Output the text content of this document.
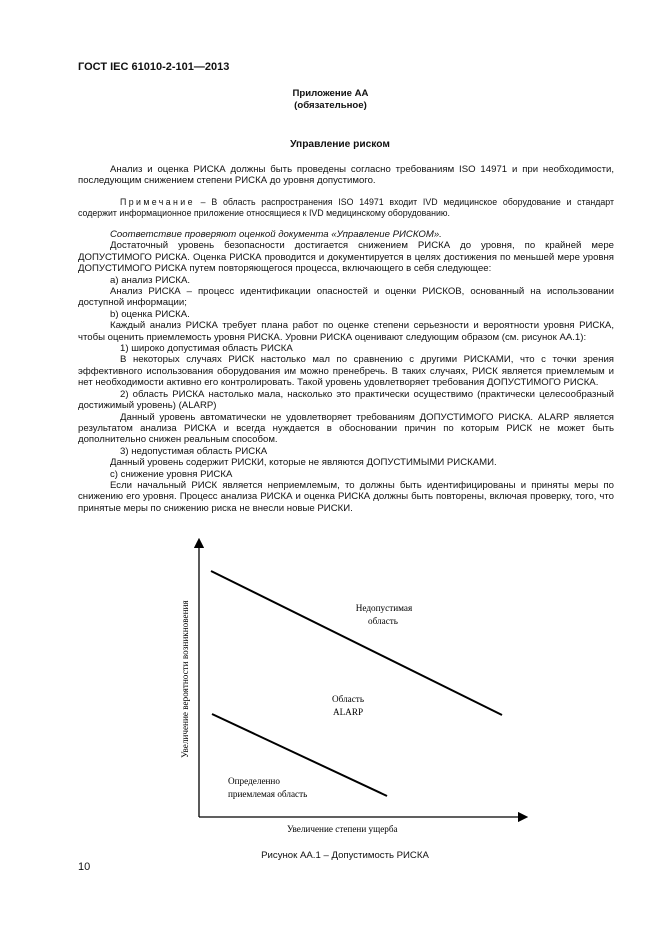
ГОСТ IEC 61010-2-101—2013
Приложение АА
(обязательное)
Управление риском

Анализ и оценка РИСКА должны быть проведены согласно требованиям ISO 14971 и при необходимости, последующим снижением степени РИСКА до уровня допустимого.

Примечание – В область распространения ISO 14971 входит IVD медицинское оборудование и стандарт содержит информационное приложение относящиеся к IVD медицинскому оборудованию.

Соответствие проверяют оценкой документа «Управление РИСКОМ».

Достаточный уровень безопасности достигается снижением РИСКА до уровня, по крайней мере ДОПУСТИМОГО РИСКА. Оценка РИСКА проводится и документируется в целях достижения по меньшей мере уровня ДОПУСТИМОГО РИСКА путем повторяющегося процесса, включающего в себя следующее:

a) анализ РИСКА.

Анализ РИСКА – процесс идентификации опасностей и оценки РИСКОВ, основанный на использовании доступной информации;

b) оценка РИСКА.

Каждый анализ РИСКА требует плана работ по оценке степени серьезности и вероятности уровня РИСКА, чтобы оценить приемлемость уровня РИСКА. Уровни РИСКА оценивают следующим образом (см. рисунок АА.1):

1) широко допустимая область РИСКА

В некоторых случаях РИСК настолько мал по сравнению с другими РИСКАМИ, что с точки зрения эффективного использования оборудования им можно пренебречь. В таких случаях, РИСК является приемлемым и нет необходимости активно его контролировать. Такой уровень удовлетворяет требования ДОПУСТИМОГО РИСКА.

2) область РИСКА настолько мала, насколько это практически осуществимо (практически целесообразный достижимый уровень) (ALARP)

Данный уровень автоматически не удовлетворяет требованиям ДОПУСТИМОГО РИСКА. ALARP является результатом анализа РИСКА и всегда нуждается в обосновании причин по которым РИСК не может быть дополнительно снижен реальным способом.

3) недопустимая область РИСКА

Данный уровень содержит РИСКИ, которые не являются ДОПУСТИМЫМИ РИСКАМИ.

c) снижение уровня РИСКА

Если начальный РИСК является неприемлемым, то должны быть идентифицированы и приняты меры по снижению его уровня. Процесс анализа РИСКА и оценка РИСКА должны быть повторены, включая проверку, того, что принятые меры по снижению риска не внесли новые РИСКИ.

Увеличение вероятности возникновения
Увеличение степени ущерба
Недопустимая
область
Область
ALARP
Определенно
приемлемая область
Рисунок АА.1 – Допустимость РИСКА
10
